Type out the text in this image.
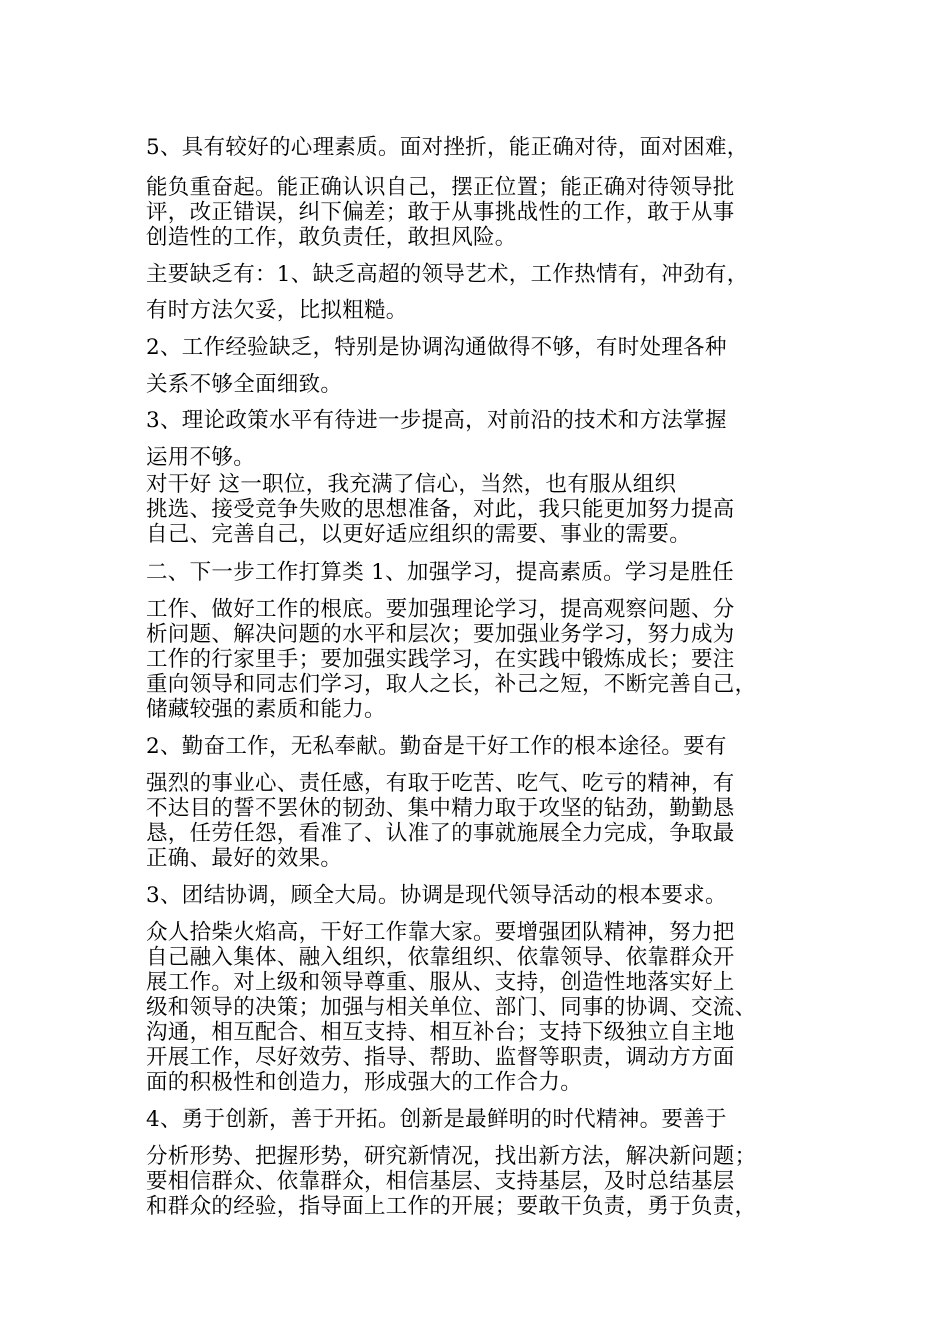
5、具有较好的心理素质。面对挫折，能正确对待，面对困难，
能负重奋起。能正确认识自己，摆正位置；能正确对待领导批
评，改正错误，纠下偏差；敢于从事挑战性的工作，敢于从事
创造性的工作，敢负责任，敢担风险。
主要缺乏有：1、缺乏高超的领导艺术，工作热情有，冲劲有，
有时方法欠妥，比拟粗糙。
2、工作经验缺乏，特别是协调沟通做得不够，有时处理各种
关系不够全面细致。
3、理论政策水平有待进一步提高，对前沿的技术和方法掌握
运用不够。
对干好 这一职位，我充满了信心，当然，也有服从组织
挑选、接受竞争失败的思想准备，对此，我只能更加努力提高
自己、完善自己，以更好适应组织的需要、事业的需要。
二、下一步工作打算类 1、加强学习，提高素质。学习是胜任
工作、做好工作的根底。要加强理论学习，提高观察问题、分
析问题、解决问题的水平和层次；要加强业务学习，努力成为
工作的行家里手；要加强实践学习，在实践中锻炼成长；要注
重向领导和同志们学习，取人之长，补己之短，不断完善自己，
储藏较强的素质和能力。
2、勤奋工作，无私奉献。勤奋是干好工作的根本途径。要有
强烈的事业心、责任感，有取于吃苦、吃气、吃亏的精神，有
不达目的誓不罢休的韧劲、集中精力取于攻坚的钻劲，勤勤恳
恳，任劳任怨，看准了、认准了的事就施展全力完成，争取最
正确、最好的效果。
3、团结协调，顾全大局。协调是现代领导活动的根本要求。
众人拾柴火焰高，干好工作靠大家。要增强团队精神，努力把
自己融入集体、融入组织，依靠组织、依靠领导、依靠群众开
展工作。对上级和领导尊重、服从、支持，创造性地落实好上
级和领导的决策；加强与相关单位、部门、同事的协调、交流、
沟通，相互配合、相互支持、相互补台；支持下级独立自主地
开展工作，尽好效劳、指导、帮助、监督等职责，调动方方面
面的积极性和创造力，形成强大的工作合力。
4、勇于创新，善于开拓。创新是最鲜明的时代精神。要善于
分析形势、把握形势，研究新情况，找出新方法，解决新问题；
要相信群众、依靠群众，相信基层、支持基层，及时总结基层
和群众的经验，指导面上工作的开展；要敢干负责，勇于负责，
